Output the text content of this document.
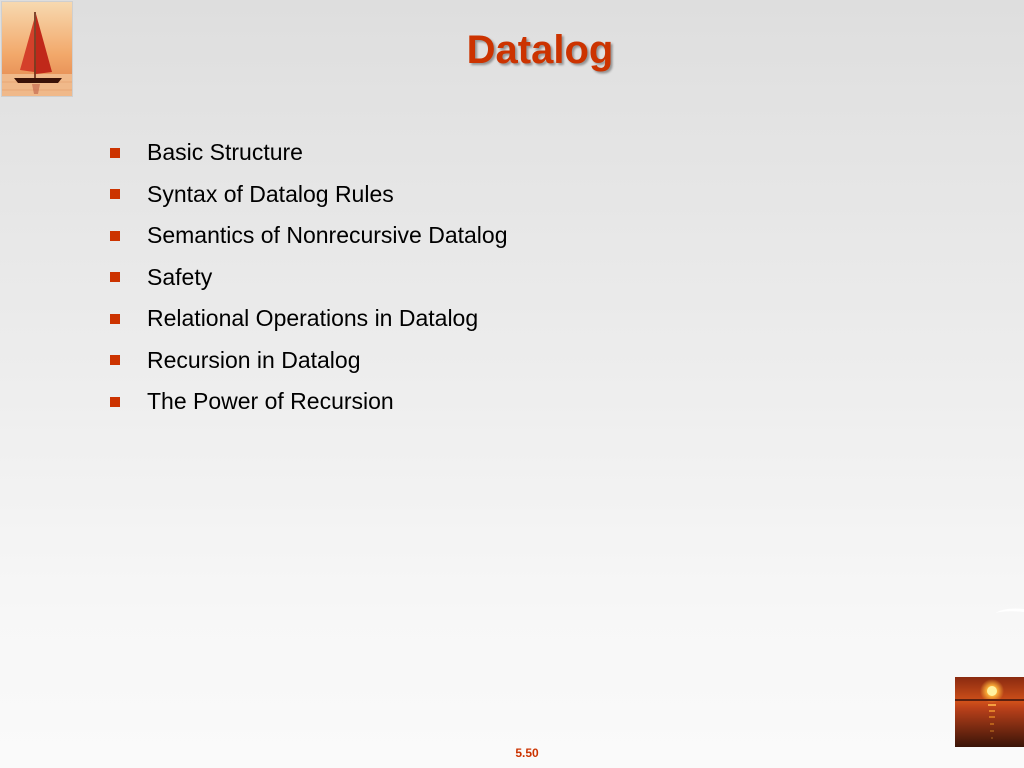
Datalog
Basic Structure
Syntax of Datalog Rules
Semantics of Nonrecursive Datalog
Safety
Relational Operations in Datalog
Recursion in Datalog
The Power of Recursion
5.50
